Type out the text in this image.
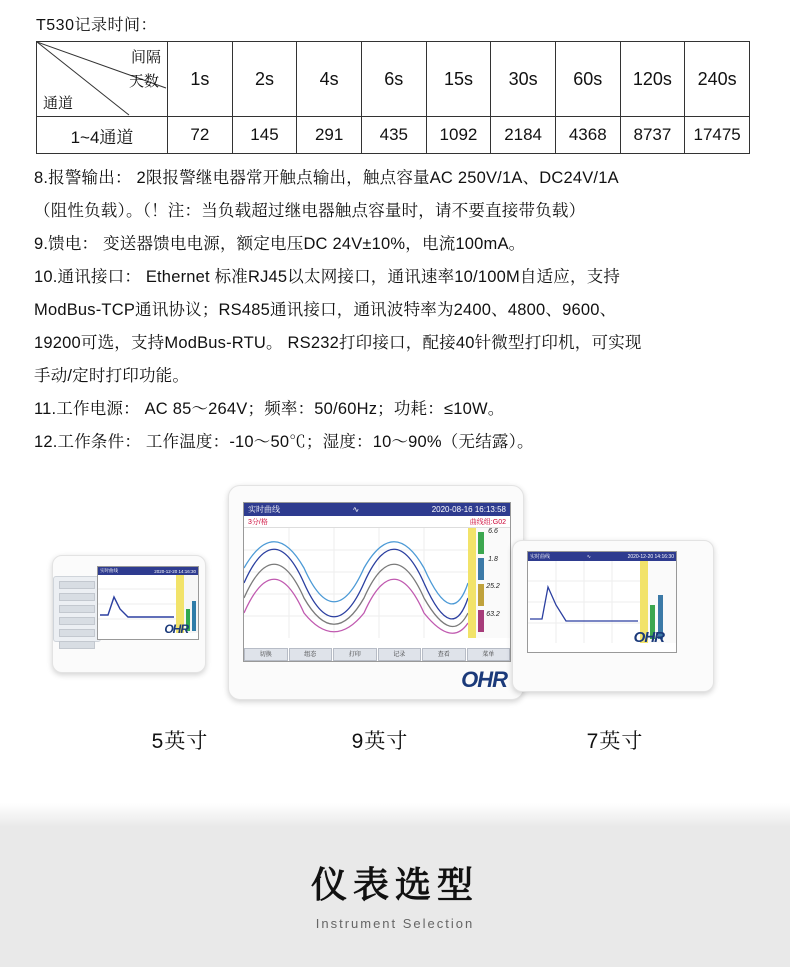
T530记录时间：
间隔
天数
通道	1s	2s	4s	6s	15s	30s	60s	120s	240s
1~4通道	72	145	291	435	1092	2184	4368	8737	17475
8.报警输出： 2限报警继电器常开触点输出，触点容量AC 250V/1A、DC24V/1A
（阻性负载）。（！注：当负载超过继电器触点容量时，请不要直接带负载）
9.馈电： 变送器馈电电源，额定电压DC 24V±10%，电流100mA。
10.通讯接口： Ethernet 标准RJ45以太网接口，通讯速率10/100M自适应，支持
ModBus-TCP通讯协议；RS485通讯接口，通讯波特率为2400、4800、9600、
19200可选，支持ModBus-RTU。 RS232打印接口，配接40针微型打印机，可实现
手动/定时打印功能。
11.工作电源： AC 85～264V；频率：50/60Hz；功耗：≤10W。
12.工作条件： 工作温度：-10～50℃；湿度：10～90%（无结露）。
实时曲线	2020-12-20 14:16:30
OHR
实时曲线	∿	2020-08-16 16:13:58
3分/格	曲线组:G02
6.6
1.8
25.2
63.2
切换	组态	打印	记录	查看	菜单
OHR
实时曲线	∿	2020-12-20 14:16:30
OHR
5英寸	9英寸	7英寸
仪表选型
Instrument Selection
